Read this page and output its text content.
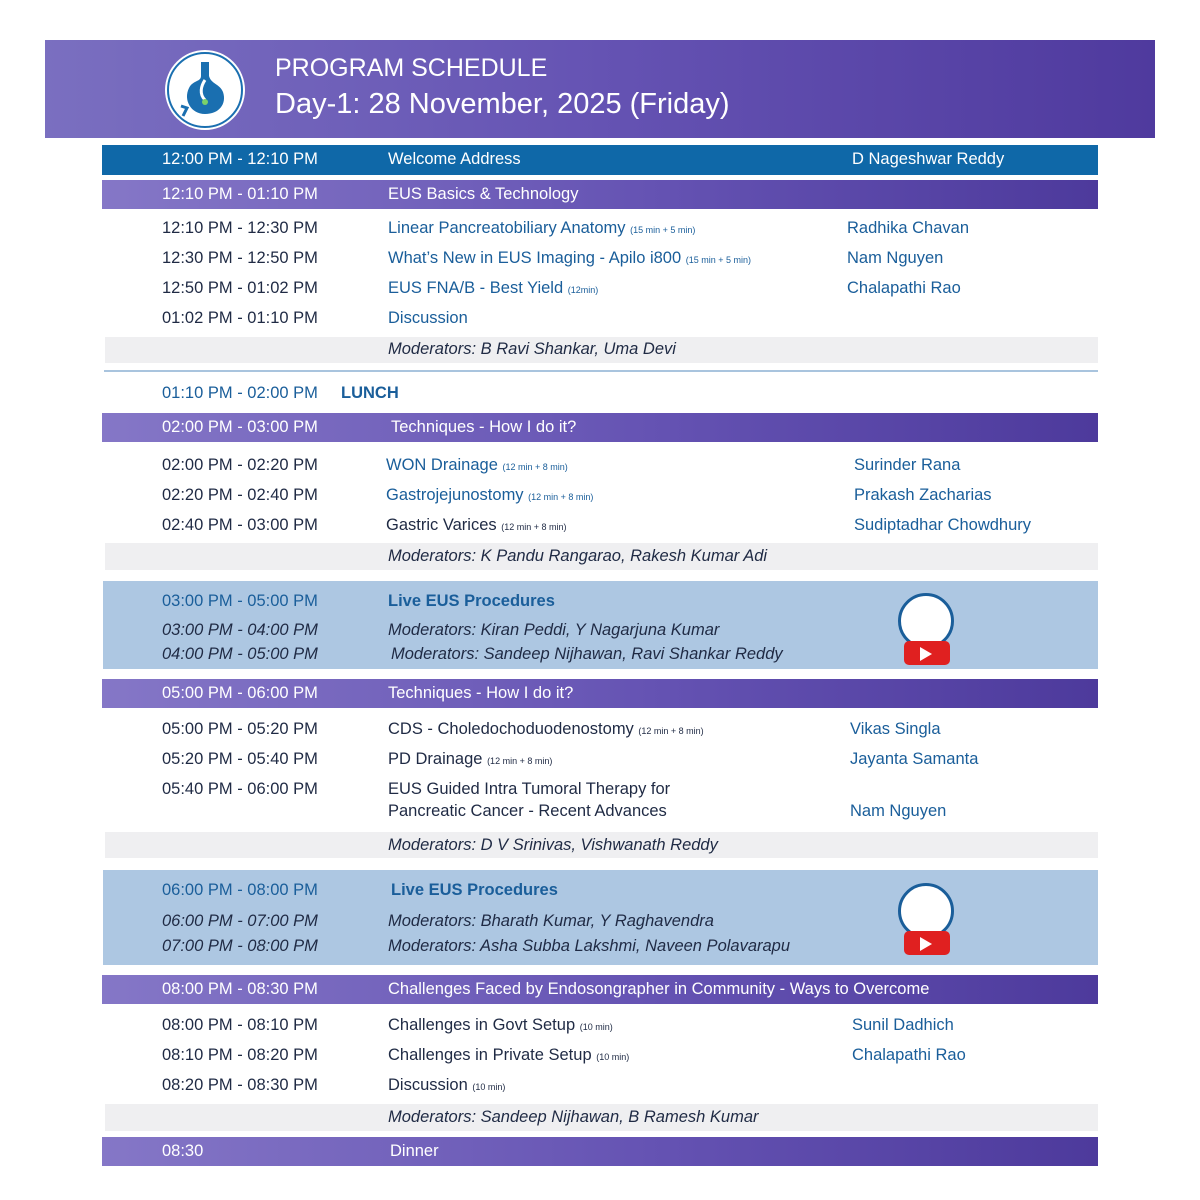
PROGRAM SCHEDULE
Day-1: 28 November, 2025 (Friday)
12:00 PM - 12:10 PM	Welcome Address	D Nageshwar Reddy
12:10 PM - 01:10 PM	EUS Basics & Technology
12:10 PM - 12:30 PM	Linear Pancreatobiliary Anatomy (15 min + 5 min)	Radhika Chavan
12:30 PM - 12:50 PM	What’s New in EUS Imaging - Apilo i800 (15 min + 5 min)	Nam Nguyen
12:50 PM - 01:02 PM	EUS FNA/B - Best Yield (12min)	Chalapathi Rao
01:02 PM - 01:10 PM	Discussion
Moderators: B Ravi Shankar, Uma Devi
01:10 PM - 02:00 PM LUNCH
02:00 PM - 03:00 PM	Techniques - How I do it?
02:00 PM - 02:20 PM	WON Drainage (12 min + 8 min)	Surinder Rana
02:20 PM - 02:40 PM	Gastrojejunostomy (12 min + 8 min)	Prakash Zacharias
02:40 PM - 03:00 PM	Gastric Varices (12 min + 8 min)	Sudiptadhar Chowdhury
Moderators: K Pandu Rangarao, Rakesh Kumar Adi
03:00 PM - 05:00 PM	Live EUS Procedures
03:00 PM - 04:00 PM	Moderators: Kiran Peddi, Y Nagarjuna Kumar
04:00 PM - 05:00 PM	Moderators: Sandeep Nijhawan, Ravi Shankar Reddy
05:00 PM - 06:00 PM	Techniques - How I do it?
05:00 PM - 05:20 PM	CDS - Choledochoduodenostomy (12 min + 8 min)	Vikas Singla
05:20 PM - 05:40 PM	PD Drainage (12 min + 8 min)	Jayanta Samanta
05:40 PM - 06:00 PM	EUS Guided Intra Tumoral Therapy for
Pancreatic Cancer - Recent Advances	Nam Nguyen
Moderators: D V Srinivas, Vishwanath Reddy
06:00 PM - 08:00 PM	Live EUS Procedures
06:00 PM - 07:00 PM	Moderators: Bharath Kumar, Y Raghavendra
07:00 PM - 08:00 PM	Moderators: Asha Subba Lakshmi, Naveen Polavarapu
08:00 PM - 08:30 PM	Challenges Faced by Endosongrapher in Community - Ways to Overcome
08:00 PM - 08:10 PM	Challenges in Govt Setup (10 min)	Sunil Dadhich
08:10 PM - 08:20 PM	Challenges in Private Setup (10 min)	Chalapathi Rao
08:20 PM - 08:30 PM	Discussion (10 min)
Moderators: Sandeep Nijhawan, B Ramesh Kumar
08:30	Dinner
